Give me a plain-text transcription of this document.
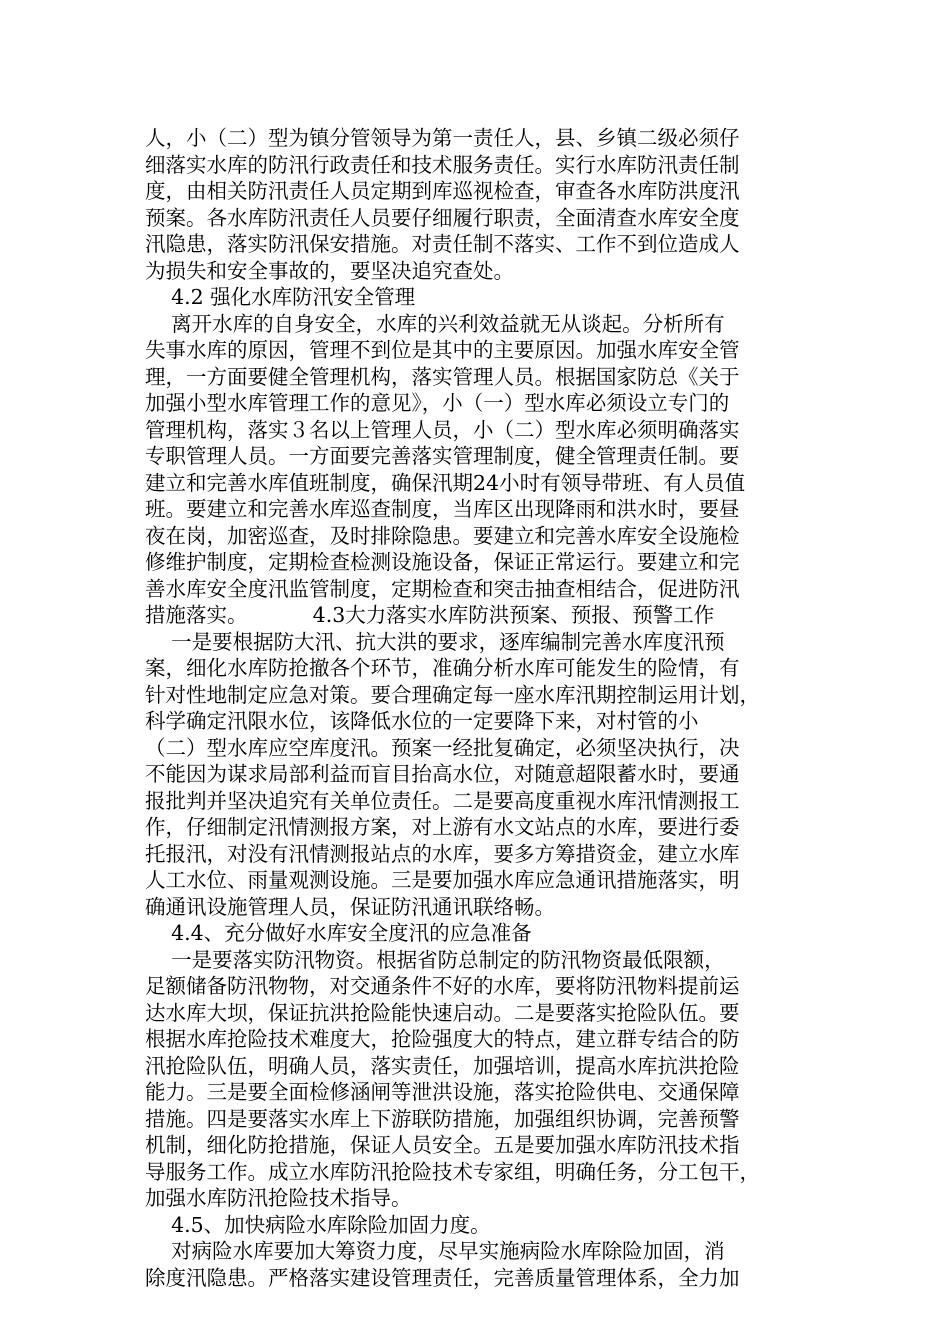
人，小（二）型为镇分管领导为第一责任人，县、乡镇二级必须仔
细落实水库的防汛行政责任和技术服务责任。实行水库防汛责任制
度，由相关防汛责任人员定期到库巡视检查，审查各水库防洪度汛
预案。各水库防汛责任人员要仔细履行职责，全面清查水库安全度
汛隐患，落实防汛保安措施。对责任制不落实、工作不到位造成人
为损失和安全事故的，要坚决追究查处。
4.2 强化水库防汛安全管理
离开水库的自身安全，水库的兴利效益就无从谈起。分析所有
失事水库的原因，管理不到位是其中的主要原因。加强水库安全管
理，一方面要健全管理机构，落实管理人员。根据国家防总《关于
加强小型水库管理工作的意见》，小（一）型水库必须设立专门的
管理机构，落实３名以上管理人员，小（二）型水库必须明确落实
专职管理人员。一方面要完善落实管理制度，健全管理责任制。要
建立和完善水库值班制度，确保汛期24小时有领导带班、有人员值
班。要建立和完善水库巡查制度，当库区出现降雨和洪水时，要昼
夜在岗，加密巡查，及时排除隐患。要建立和完善水库安全设施检
修维护制度，定期检查检测设施设备，保证正常运行。要建立和完
善水库安全度汛监管制度，定期检查和突击抽查相结合，促进防汛
措施落实。          4.3大力落实水库防洪预案、预报、预警工作
一是要根据防大汛、抗大洪的要求，逐库编制完善水库度汛预
案，细化水库防抢撤各个环节，准确分析水库可能发生的险情，有
针对性地制定应急对策。要合理确定每一座水库汛期控制运用计划，
科学确定汛限水位，该降低水位的一定要降下来，对村管的小
（二）型水库应空库度汛。预案一经批复确定，必须坚决执行，决
不能因为谋求局部利益而盲目抬高水位，对随意超限蓄水时，要通
报批判并坚决追究有关单位责任。二是要高度重视水库汛情测报工
作，仔细制定汛情测报方案，对上游有水文站点的水库，要进行委
托报汛，对没有汛情测报站点的水库，要多方筹措资金，建立水库
人工水位、雨量观测设施。三是要加强水库应急通讯措施落实，明
确通讯设施管理人员，保证防汛通讯联络畅。
4.4、充分做好水库安全度汛的应急准备
一是要落实防汛物资。根据省防总制定的防汛物资最低限额，
足额储备防汛物物，对交通条件不好的水库，要将防汛物料提前运
达水库大坝，保证抗洪抢险能快速启动。二是要落实抢险队伍。要
根据水库抢险技术难度大，抢险强度大的特点，建立群专结合的防
汛抢险队伍，明确人员，落实责任，加强培训，提高水库抗洪抢险
能力。三是要全面检修涵闸等泄洪设施，落实抢险供电、交通保障
措施。四是要落实水库上下游联防措施，加强组织协调，完善预警
机制，细化防抢措施，保证人员安全。五是要加强水库防汛技术指
导服务工作。成立水库防汛抢险技术专家组，明确任务，分工包干，
加强水库防汛抢险技术指导。
4.5、加快病险水库除险加固力度。
对病险水库要加大筹资力度，尽早实施病险水库除险加固，消
除度汛隐患。严格落实建设管理责任，完善质量管理体系，全力加
